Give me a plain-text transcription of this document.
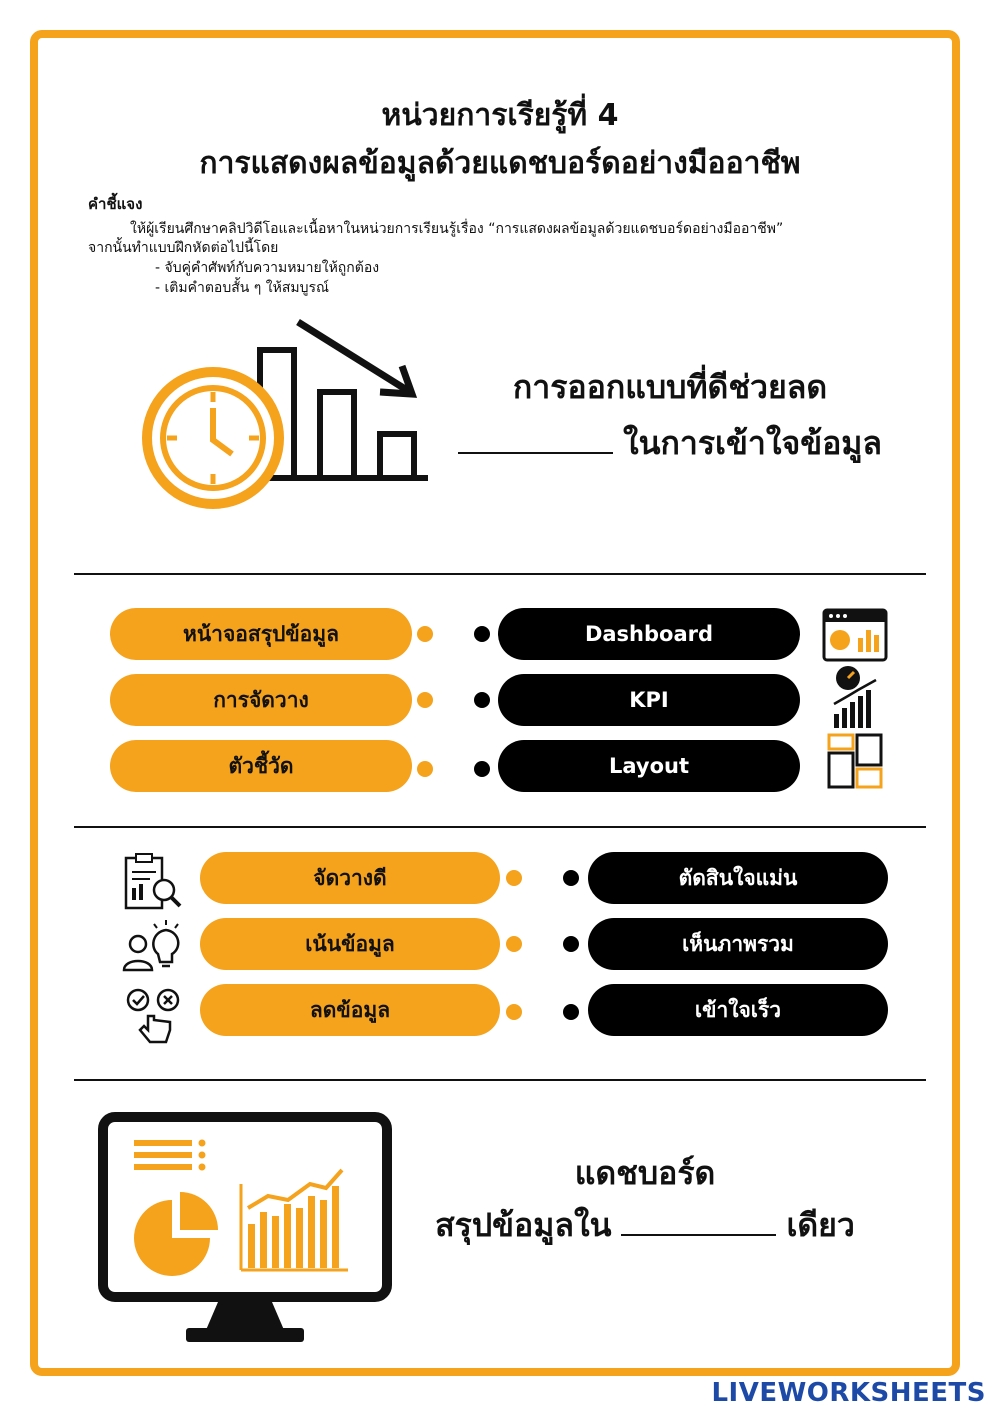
หน่วยการเรียรู้ที่ 4
การแสดงผลข้อมูลด้วยแดชบอร์ดอย่างมืออาชีพ
คำชี้แจง
ให้ผู้เรียนศึกษาคลิปวิดีโอและเนื้อหาในหน่วยการเรียนรู้เรื่อง “การแสดงผลข้อมูลด้วยแดชบอร์ดอย่างมืออาชีพ”
จากนั้นทำแบบฝึกหัดต่อไปนี้โดย
- จับคู่คำศัพท์กับความหมายให้ถูกต้อง
- เติมคำตอบสั้น ๆ ให้สมบูรณ์
การออกแบบที่ดีช่วยลด
ในการเข้าใจข้อมูล
หน้าจอสรุปข้อมูล
การจัดวาง
ตัวชี้วัด
Dashboard
KPI
Layout
จัดวางดี
เน้นข้อมูล
ลดข้อมูล
ตัดสินใจแม่น
เห็นภาพรวม
เข้าใจเร็ว
แดชบอร์ด
สรุปข้อมูลใน	เดียว
LIVEWORKSHEETS
